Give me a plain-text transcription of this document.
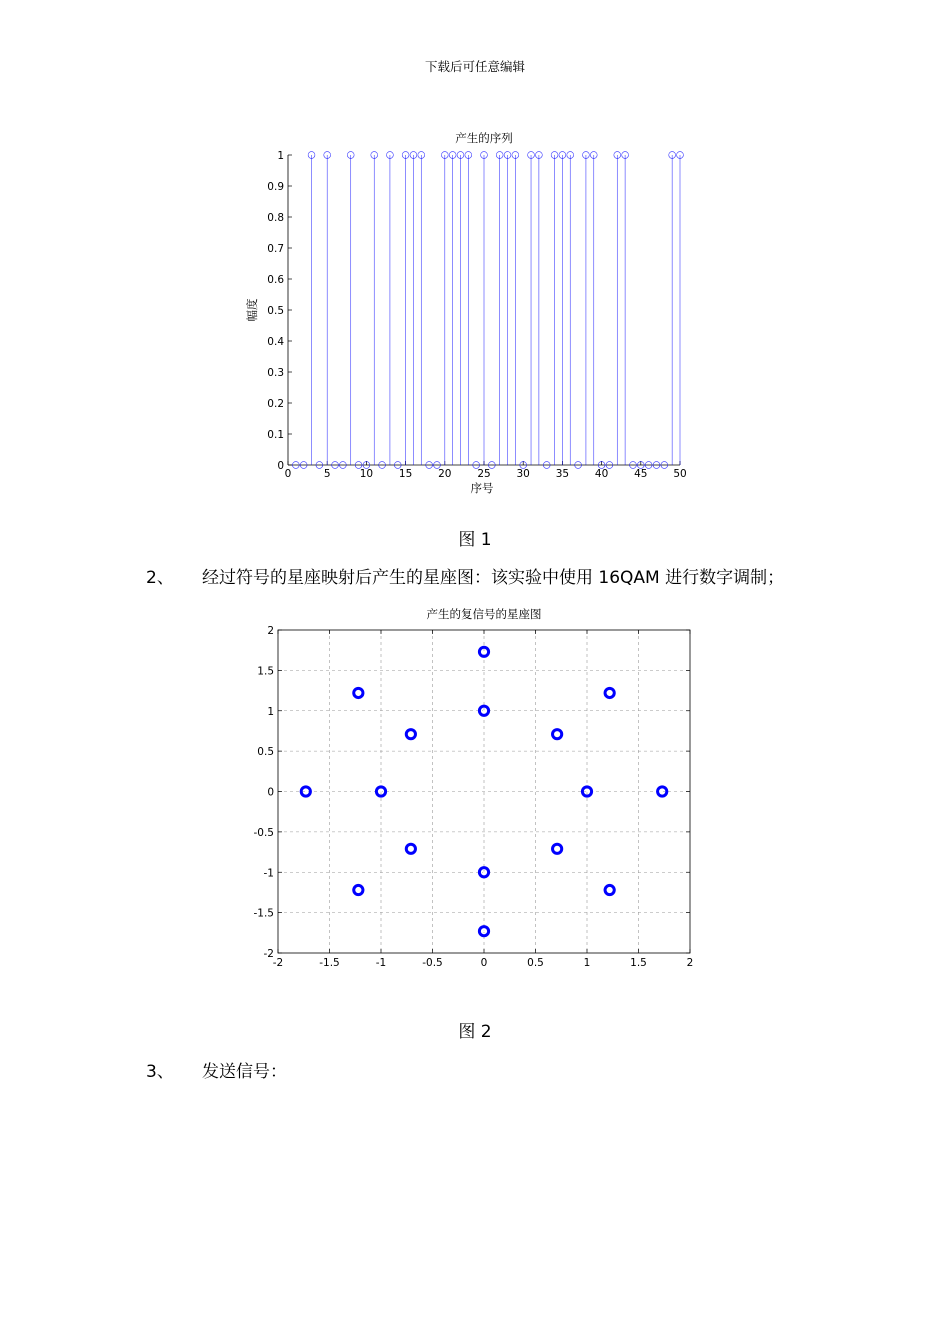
下载后可任意编辑
产生的序列
0
0.1
0.2
0.3
0.4
0.5
0.6
0.7
0.8
0.9
1
0	5	10 15 20 25 30 35 40 45 50
序号
幅度
图 1
2、 经过符号的星座映射后产生的星座图：该实验中使用 16QAM 进行数字调制；
产生的复信号的星座图
-2
-1.5
-1
-0.5
0
0.5
1
1.5
2
-2	-1.5	-1	-0.5	0	0.5	1	1.5	2
图 2
3、 发送信号：
